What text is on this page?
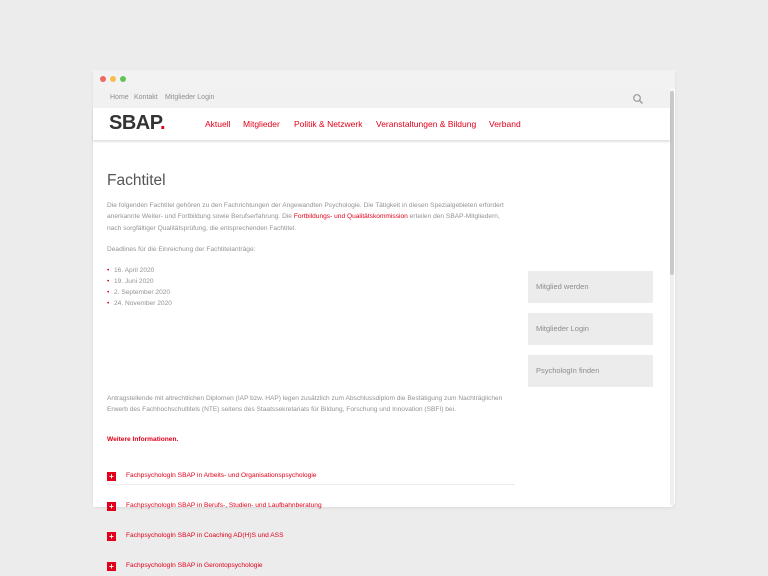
Home Kontakt Mitglieder Login
SBAP.	Aktuell Mitglieder Politik & Netzwerk Veranstaltungen & Bildung Verband
Fachtitel

Die folgenden Fachtitel gehören zu den Fachrichtungen der Angewandten Psychologie. Die Tätigkeit in diesen Spezialgebieten erfordert anerkannte Weiter- und Fortbildung sowie Berufserfahrung. Die Fortbildungs- und Qualitätskommission erteilen den SBAP-Mitgliedern, nach sorgfältiger Qualitätsprüfung, die entsprechenden Fachtitel.

Deadlines für die Einreichung der Fachtitelanträge:

• 16. April 2020
• 19. Juni 2020
• 2. September 2020
• 24. November 2020

Antragstellende mit altrechtlichen Diplomen (IAP bzw. HAP) legen zusätzlich zum Abschlussdiplom die Bestätigung zum Nachträglichen Erwerb des Fachhochschultitels (NTE) seitens des Staatssekretariats für Bildung, Forschung und Innovation (SBFI) bei.

Weitere Informationen.
+	FachpsychologIn SBAP in Arbeits- und Organisationspsychologie
+	FachpsychologIn SBAP in Berufs-, Studien- und Laufbahnberatung
+	FachpsychologIn SBAP in Coaching AD(H)S und ASS
+	FachpsychologIn SBAP in Gerontopsychologie
Mitglied werden
Mitglieder Login
PsychologIn finden
